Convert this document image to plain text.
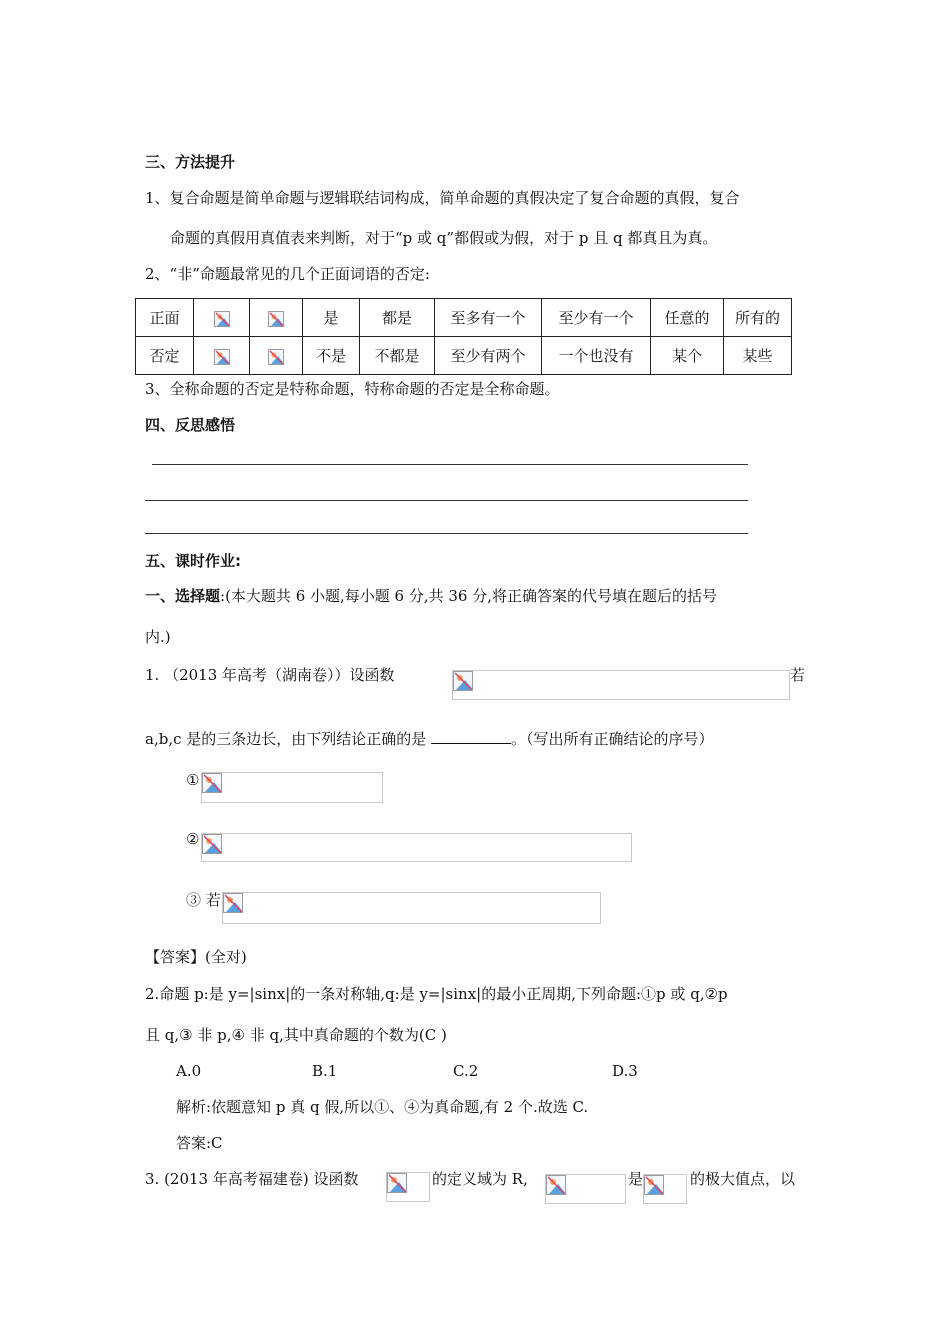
三、方法提升
1、复合命题是简单命题与逻辑联结词构成，简单命题的真假决定了复合命题的真假，复合
命题的真假用真值表来判断，对于“p 或 q”都假或为假，对于 p 且 q 都真且为真。
2、“非”命题最常见的几个正面词语的否定:
正面			是	都是	至多有一个	至少有一个	任意的	所有的
否定			不是	不都是	至少有两个	一个也没有	某个	某些
3、全称命题的否定是特称命题，特称命题的否定是全称命题。
四、反思感悟
五、课时作业:
一、选择题:(本大题共 6 小题,每小题 6 分,共 36 分,将正确答案的代号填在题后的括号
内.)
1. （2013 年高考（湖南卷））设函数	若
a,b,c 是的三条边长，由下列结论正确的是	。（写出所有正确结论的序号）
①
②
③ 若
【答案】(全对)
2.命题 p:是 y=|sinx|的一条对称轴,q:是 y=|sinx|的最小正周期,下列命题:①p 或 q,②p
且 q,③ 非 p,④ 非 q,其中真命题的个数为(C )
A.0	B.1	C.2	D.3
解析:依题意知 p 真 q 假,所以①、④为真命题,有 2 个.故选 C.
答案:C
3. (2013 年高考福建卷) 设函数	的定义域为 R,	是	的极大值点，以
